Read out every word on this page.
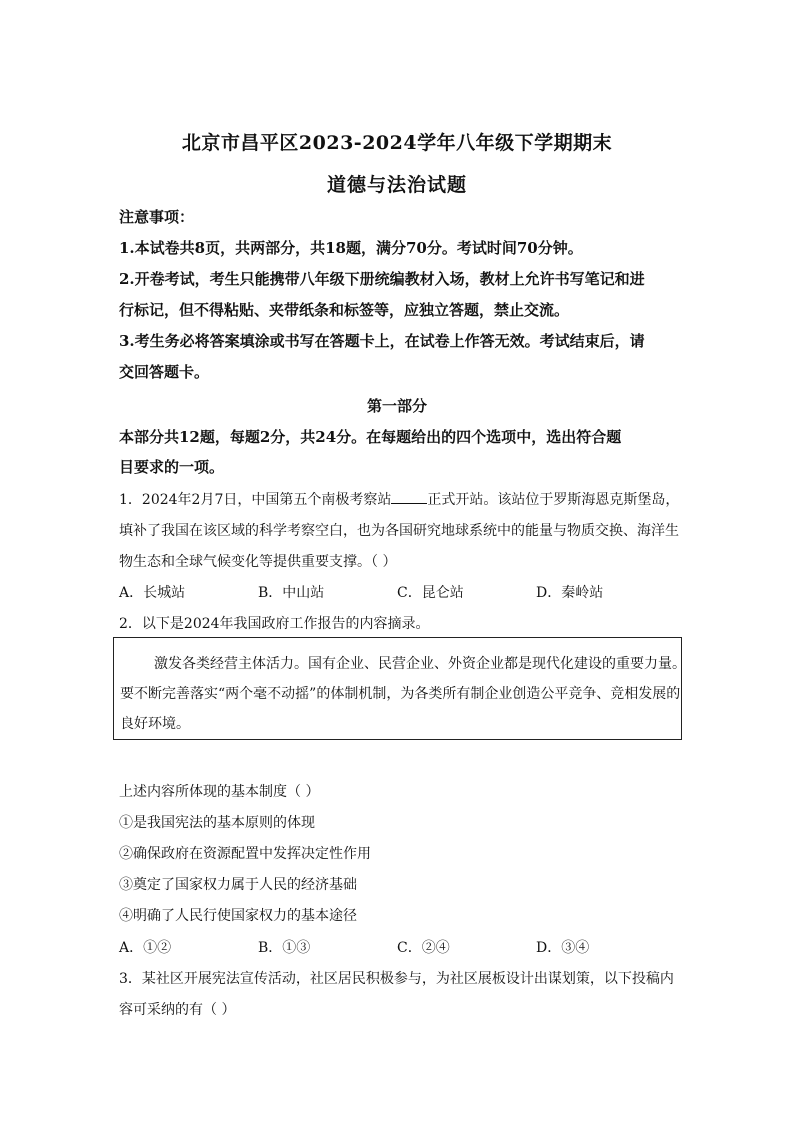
北京市昌平区2023-2024学年八年级下学期期末
道德与法治试题
注意事项：
1.本试卷共8页，共两部分，共18题，满分70分。考试时间70分钟。
2.开卷考试，考生只能携带八年级下册统编教材入场，教材上允许书写笔记和进
行标记，但不得粘贴、夹带纸条和标签等，应独立答题，禁止交流。
3.考生务必将答案填涂或书写在答题卡上，在试卷上作答无效。考试结束后，请
交回答题卡。
第一部分
本部分共12题，每题2分，共24分。在每题给出的四个选项中，选出符合题
目要求的一项。
1．2024年2月7日，中国第五个南极考察站	正式开站。该站位于罗斯海恩克斯堡岛，
填补了我国在该区域的科学考察空白，也为各国研究地球系统中的能量与物质交换、海洋生
物生态和全球气候变化等提供重要支撑。（ ）
A．长城站	B．中山站	C．昆仑站	D．秦岭站
2．以下是2024年我国政府工作报告的内容摘录。
激发各类经营主体活力。国有企业、民营企业、外资企业都是现代化建设的重要力量。
要不断完善落实“两个毫不动摇”的体制机制，为各类所有制企业创造公平竞争、竞相发展的
良好环境。
上述内容所体现的基本制度（ ）
①是我国宪法的基本原则的体现
②确保政府在资源配置中发挥决定性作用
③奠定了国家权力属于人民的经济基础
④明确了人民行使国家权力的基本途径
A．①②	B．①③	C．②④	D．③④
3．某社区开展宪法宣传活动，社区居民积极参与，为社区展板设计出谋划策，以下投稿内
容可采纳的有（ ）
